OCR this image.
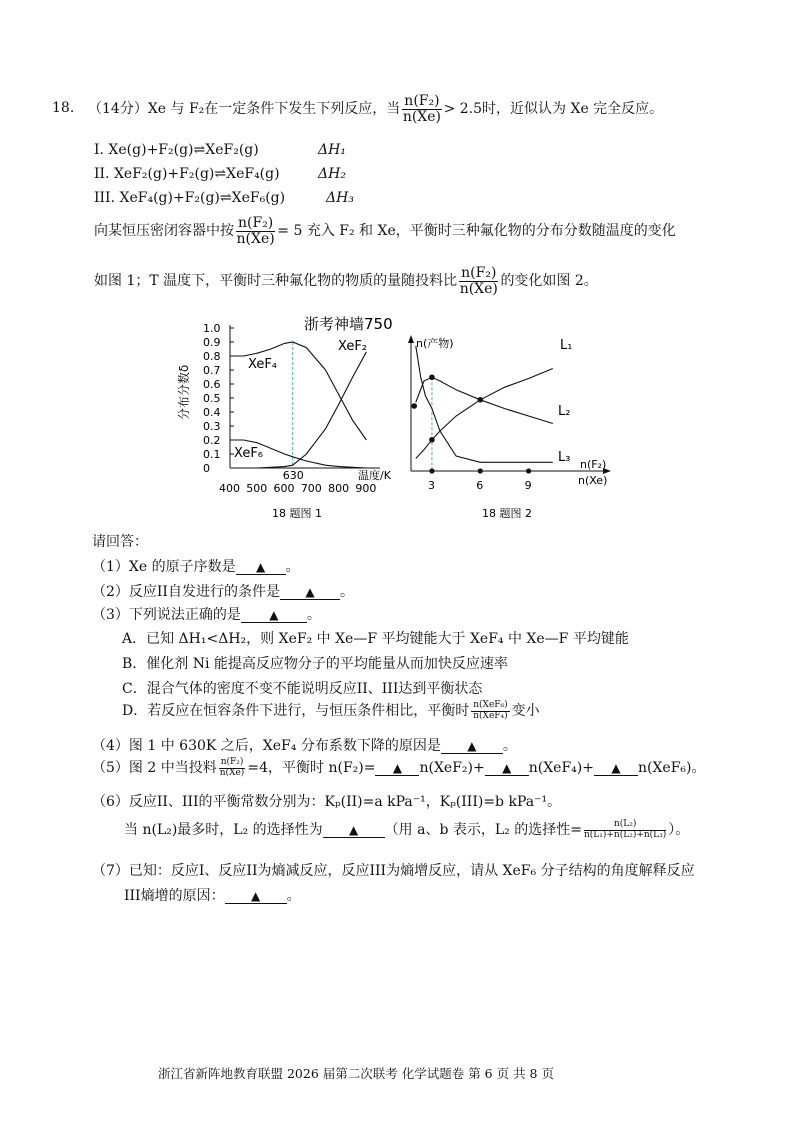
18. （14分）Xe 与 F₂在一定条件下发生下列反应，当 $\frac{\text{n(F₂)}}{n(Xe)} > 2.5$时，近似认为 Xe 完全反应。
I. Xe(g)+F₂(g)⇌XeF₂(g)	ΔH₁
II. XeF₂(g)+F₂(g)⇌XeF₄(g)	ΔH₂
III. XeF₄(g)+F₂(g)⇌XeF₆(g)	ΔH₃
向某恒压密闭容器中按 $\frac{\text{n(F₂)}}{n(Xe)} = 5$ 充入 F₂ 和 Xe，平衡时三种氟化物的分布分数随温度的变化
如图 1；T 温度下，平衡时三种氟化物的物质的量随投料比 $\frac{\text{n(F₂)}}{n(Xe)}$ 的变化如图 2。
浙考神墙750
分布分数δ
温度/K
630
XeF₄
XeF₂
XeF₆
1.0
0.9
0.8
0.7
0.6
0.5
0.4
0.3
0.2
0.1
0
400 500 600 700 800 900
n(产物)
n(F₂)
n(Xe)
L₁
L₂
L₃
3	6	9
18 题图 1	18 题图 2
请回答：
（1）Xe 的原子序数是 ▲ 。
（2）反应II自发进行的条件是 ▲ 。
（3）下列说法正确的是 ▲ 。
A．已知 ΔH₁<ΔH₂，则 XeF₂ 中 Xe—F 平均键能大于 XeF₄ 中 Xe—F 平均键能
B．催化剂 Ni 能提高反应物分子的平均能量从而加快反应速率
C．混合气体的密度不变不能说明反应II、III达到平衡状态
D．若反应在恒容条件下进行，与恒压条件相比，平衡时 $\frac{\text{n(XeF₆)}}{\text{n(XeF₄)}}$ 变小
（4）图 1 中 630K 之后，XeF₄ 分布系数下降的原因是 ▲ 。
（5）图 2 中当投料 $\frac{\text{n(F₂)}}{n(Xe)} =4$，平衡时 n(F₂)= ▲ n(XeF₂)+ ▲ n(XeF₄)+ ▲ n(XeF₆)。
（6）反应II、III的平衡常数分别为：Kₚ(II)=a kPa⁻¹，Kₚ(III)=b kPa⁻¹。
当 n(L₂)最多时，L₂ 的选择性为 ▲ （用 a、b 表示，L₂ 的选择性= $\frac{\text{n(L₂)}}{\text{n(L₁)+n(L₂)+n(L₃)}}$ ）。
（7）已知：反应I、反应II为熵减反应，反应III为熵增反应，请从 XeF₆ 分子结构的角度解释反应
III熵增的原因： ▲ 。
浙江省新阵地教育联盟 2026 届第二次联考 化学试题卷 第 6 页 共 8 页
